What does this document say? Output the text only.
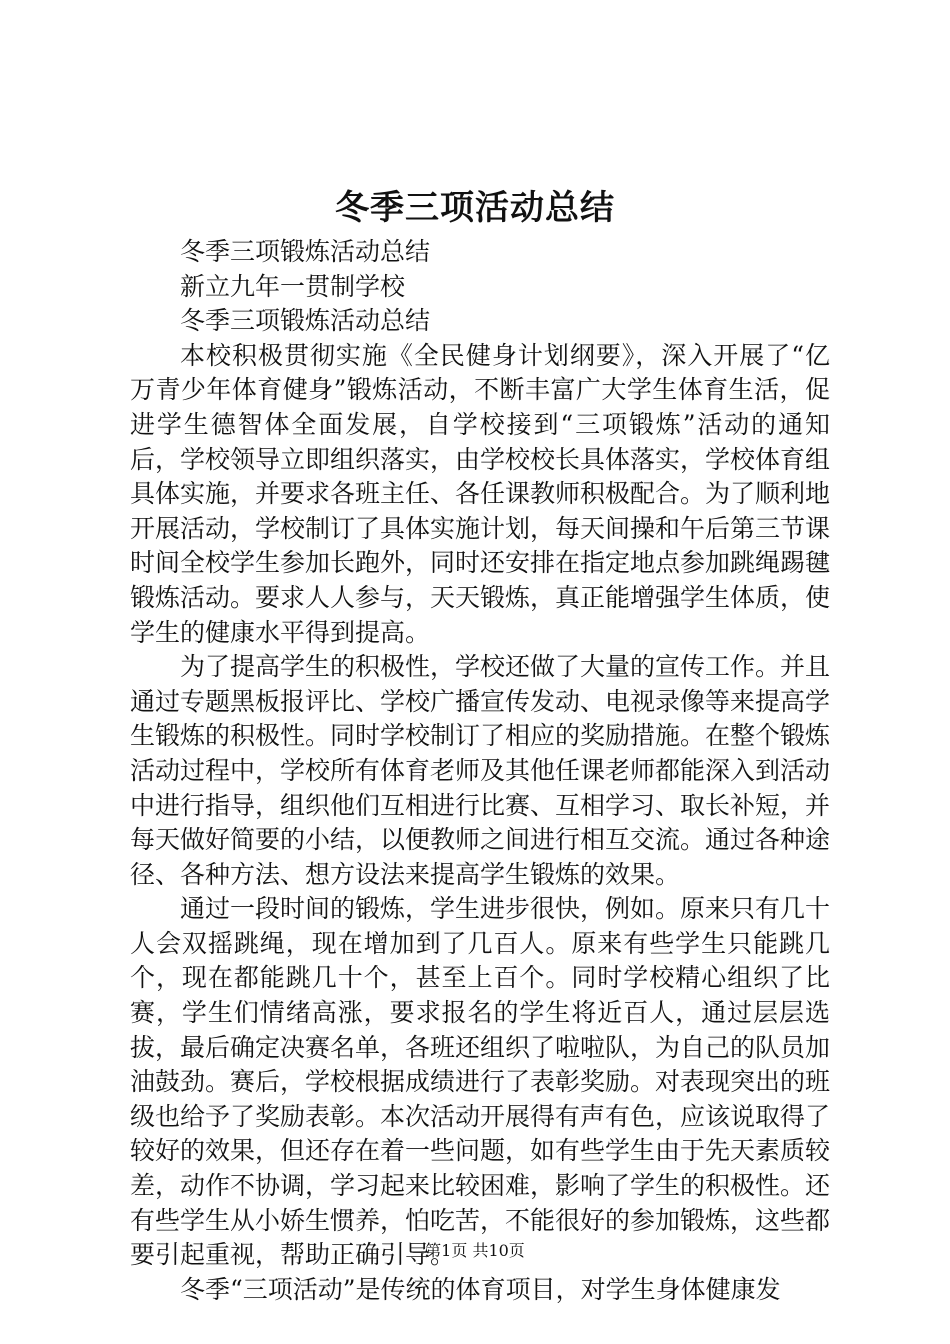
冬季三项活动总结

冬季三项锻炼活动总结

新立九年一贯制学校

冬季三项锻炼活动总结

本校积极贯彻实施《全民健身计划纲要》，深入开展了“亿万青少年体育健身”锻炼活动，不断丰富广大学生体育生活，促进学生德智体全面发展，自学校接到“三项锻炼”活动的通知后，学校领导立即组织落实，由学校校长具体落实，学校体育组具体实施，并要求各班主任、各任课教师积极配合。为了顺利地开展活动，学校制订了具体实施计划，每天间操和午后第三节课时间全校学生参加长跑外，同时还安排在指定地点参加跳绳踢毽锻炼活动。要求人人参与，天天锻炼，真正能增强学生体质，使学生的健康水平得到提高。

为了提高学生的积极性，学校还做了大量的宣传工作。并且通过专题黑板报评比、学校广播宣传发动、电视录像等来提高学生锻炼的积极性。同时学校制订了相应的奖励措施。在整个锻炼活动过程中，学校所有体育老师及其他任课老师都能深入到活动中进行指导，组织他们互相进行比赛、互相学习、取长补短，并每天做好简要的小结，以便教师之间进行相互交流。通过各种途径、各种方法、想方设法来提高学生锻炼的效果。

通过一段时间的锻炼，学生进步很快，例如。原来只有几十人会双摇跳绳，现在增加到了几百人。原来有些学生只能跳几个，现在都能跳几十个，甚至上百个。同时学校精心组织了比赛，学生们情绪高涨，要求报名的学生将近百人，通过层层选拔，最后确定决赛名单，各班还组织了啦啦队，为自己的队员加油鼓劲。赛后，学校根据成绩进行了表彰奖励。对表现突出的班级也给予了奖励表彰。本次活动开展得有声有色，应该说取得了较好的效果，但还存在着一些问题，如有些学生由于先天素质较差，动作不协调，学习起来比较困难，影响了学生的积极性。还有些学生从小娇生惯养，怕吃苦，不能很好的参加锻炼，这些都要引起重视，帮助正确引导。

冬季“三项活动”是传统的体育项目，对学生身体健康发

第1页 共10页
